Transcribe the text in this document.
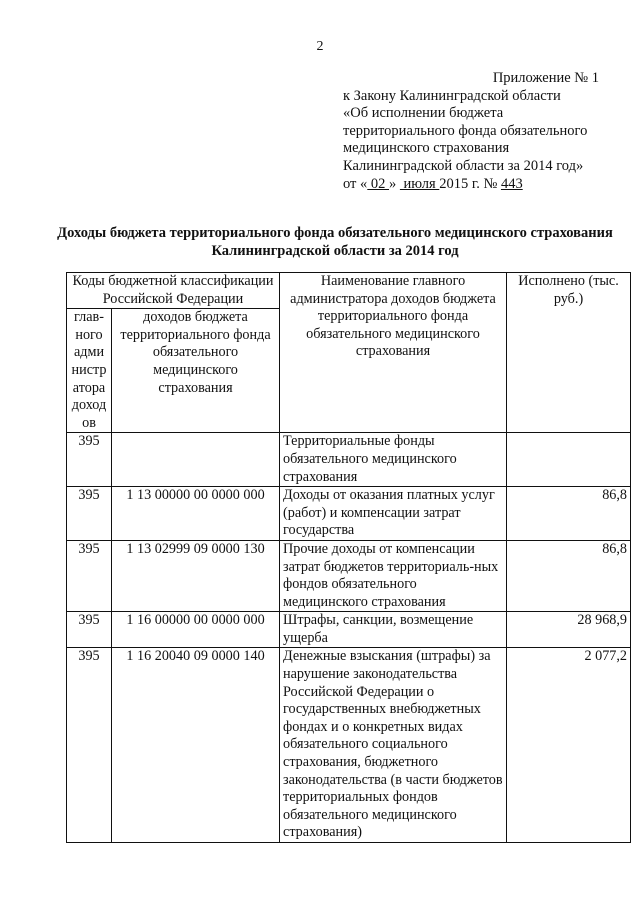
2
Приложение № 1
к Закону Калининградской области
«Об исполнении бюджета
территориального фонда обязательного
медицинского страхования
Калининградской области за 2014 год»
от « 02 »  июля 2015 г. № 443
Доходы бюджета территориального фонда обязательного медицинского страхования Калининградской области за 2014 год
Коды бюджетной классификации Российской Федерации		Наименование главного администратора доходов бюджета территориального фонда обязательного медицинского страхования	Исполнено (тыс. руб.)
глав-ного адми нистр атора доход ов	доходов бюджета территориального фонда обязательного медицинского страхования		
395		Территориальные фонды обязательного медицинского страхования	
395	1 13 00000 00 0000 000	Доходы от оказания платных услуг (работ) и компенсации затрат государства	86,8
395	1 13 02999 09 0000 130	Прочие доходы от компенсации затрат бюджетов территориаль-ных фондов обязательного медицинского страхования	86,8
395	1 16 00000 00 0000 000	Штрафы, санкции, возмещение ущерба	28 968,9
395	1 16 20040 09 0000 140	Денежные взыскания (штрафы) за нарушение законодательства Российской Федерации о государственных внебюджетных фондах и о конкретных видах обязательного социального страхования, бюджетного законодательства (в части бюджетов территориальных фондов обязательного медицинского страхования)	2 077,2
